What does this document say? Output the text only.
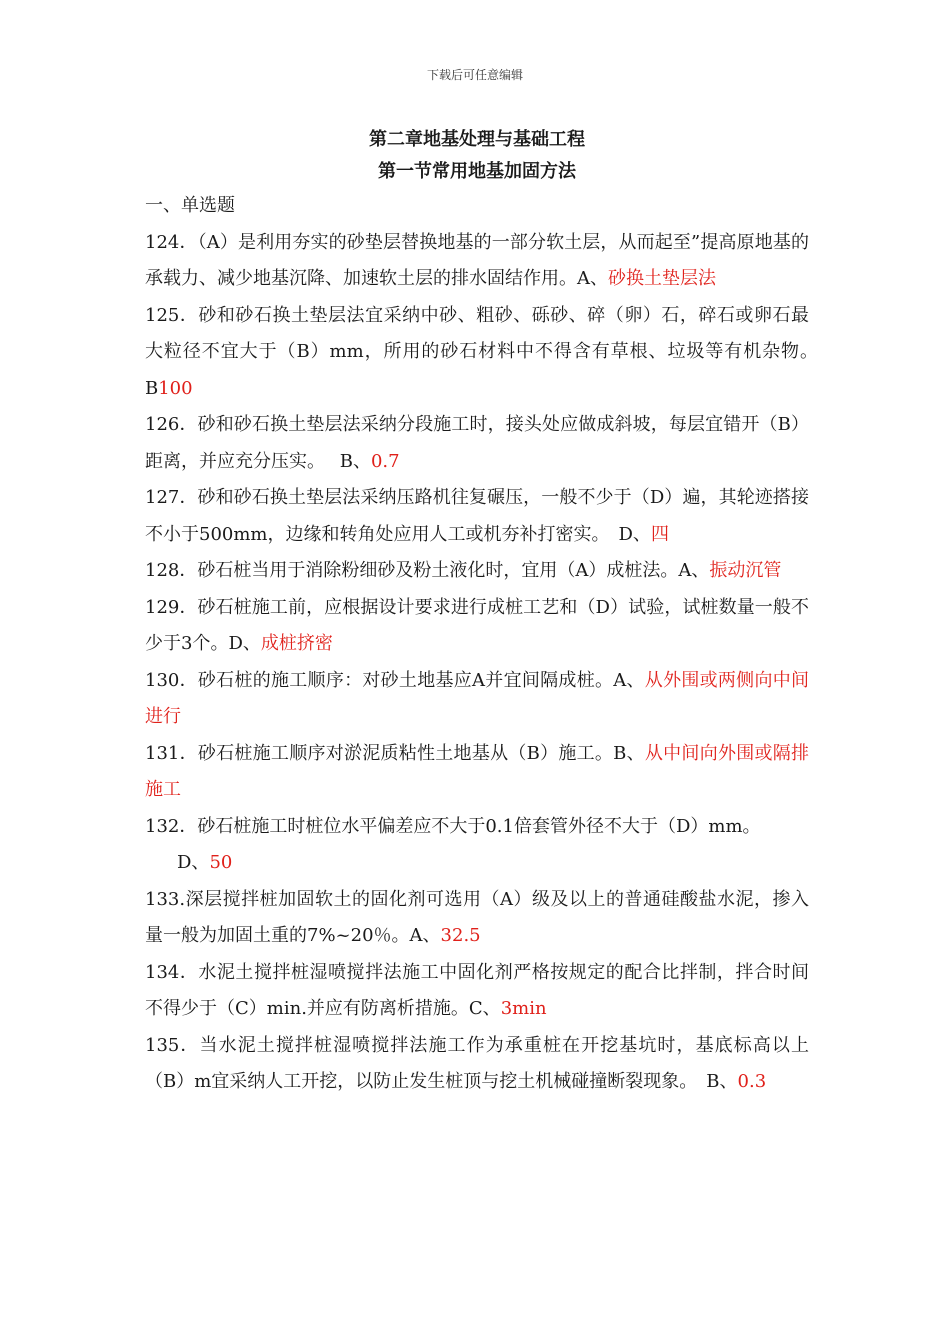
下载后可任意编辑

第二章地基处理与基础工程

第一节常用地基加固方法

一、单选题

124．（A）是利用夯实的砂垫层替换地基的一部分软土层，从而起至”提高原地基的承载力、减少地基沉降、加速软土层的排水固结作用。A、砂换土垫层法

125．砂和砂石换土垫层法宜采纳中砂、粗砂、砾砂、碎（卵）石，碎石或卵石最大粒径不宜大于（B）mm，所用的砂石材料中不得含有草根、垃圾等有机杂物。　 B100

126．砂和砂石换土垫层法采纳分段施工时，接头处应做成斜坡，每层宜错开（B）距离，并应充分压实。　 B、0.7

127．砂和砂石换土垫层法采纳压路机往复碾压，一般不少于（D）遍，其轮迹搭接不小于500mm，边缘和转角处应用人工或机夯补打密实。　D、四

128．砂石桩当用于消除粉细砂及粉土液化时，宜用（A）成桩法。A、振动沉管

129．砂石桩施工前，应根据设计要求进行成桩工艺和（D）试验，试桩数量一般不少于3个。D、成桩挤密

130．砂石桩的施工顺序：对砂土地基应A并宜间隔成桩。A、从外围或两侧向中间进行

131．砂石桩施工顺序对淤泥质粘性土地基从（B）施工。B、从中间向外围或隔排施工

132．砂石桩施工时桩位水平偏差应不大于0.1倍套管外径不大于（D）mm。

D、50

133.深层搅拌桩加固软土的固化剂可选用（A）级及以上的普通硅酸盐水泥，掺入量一般为加固土重的7%~20％。A、32.5

134．水泥土搅拌桩湿喷搅拌法施工中固化剂严格按规定的配合比拌制，拌合时间不得少于（C）min.并应有防离析措施。C、3min

135．当水泥土搅拌桩湿喷搅拌法施工作为承重桩在开挖基坑时，基底标高以上（B）m宜采纳人工开挖，以防止发生桩顶与挖土机械碰撞断裂现象。　B、0.3
